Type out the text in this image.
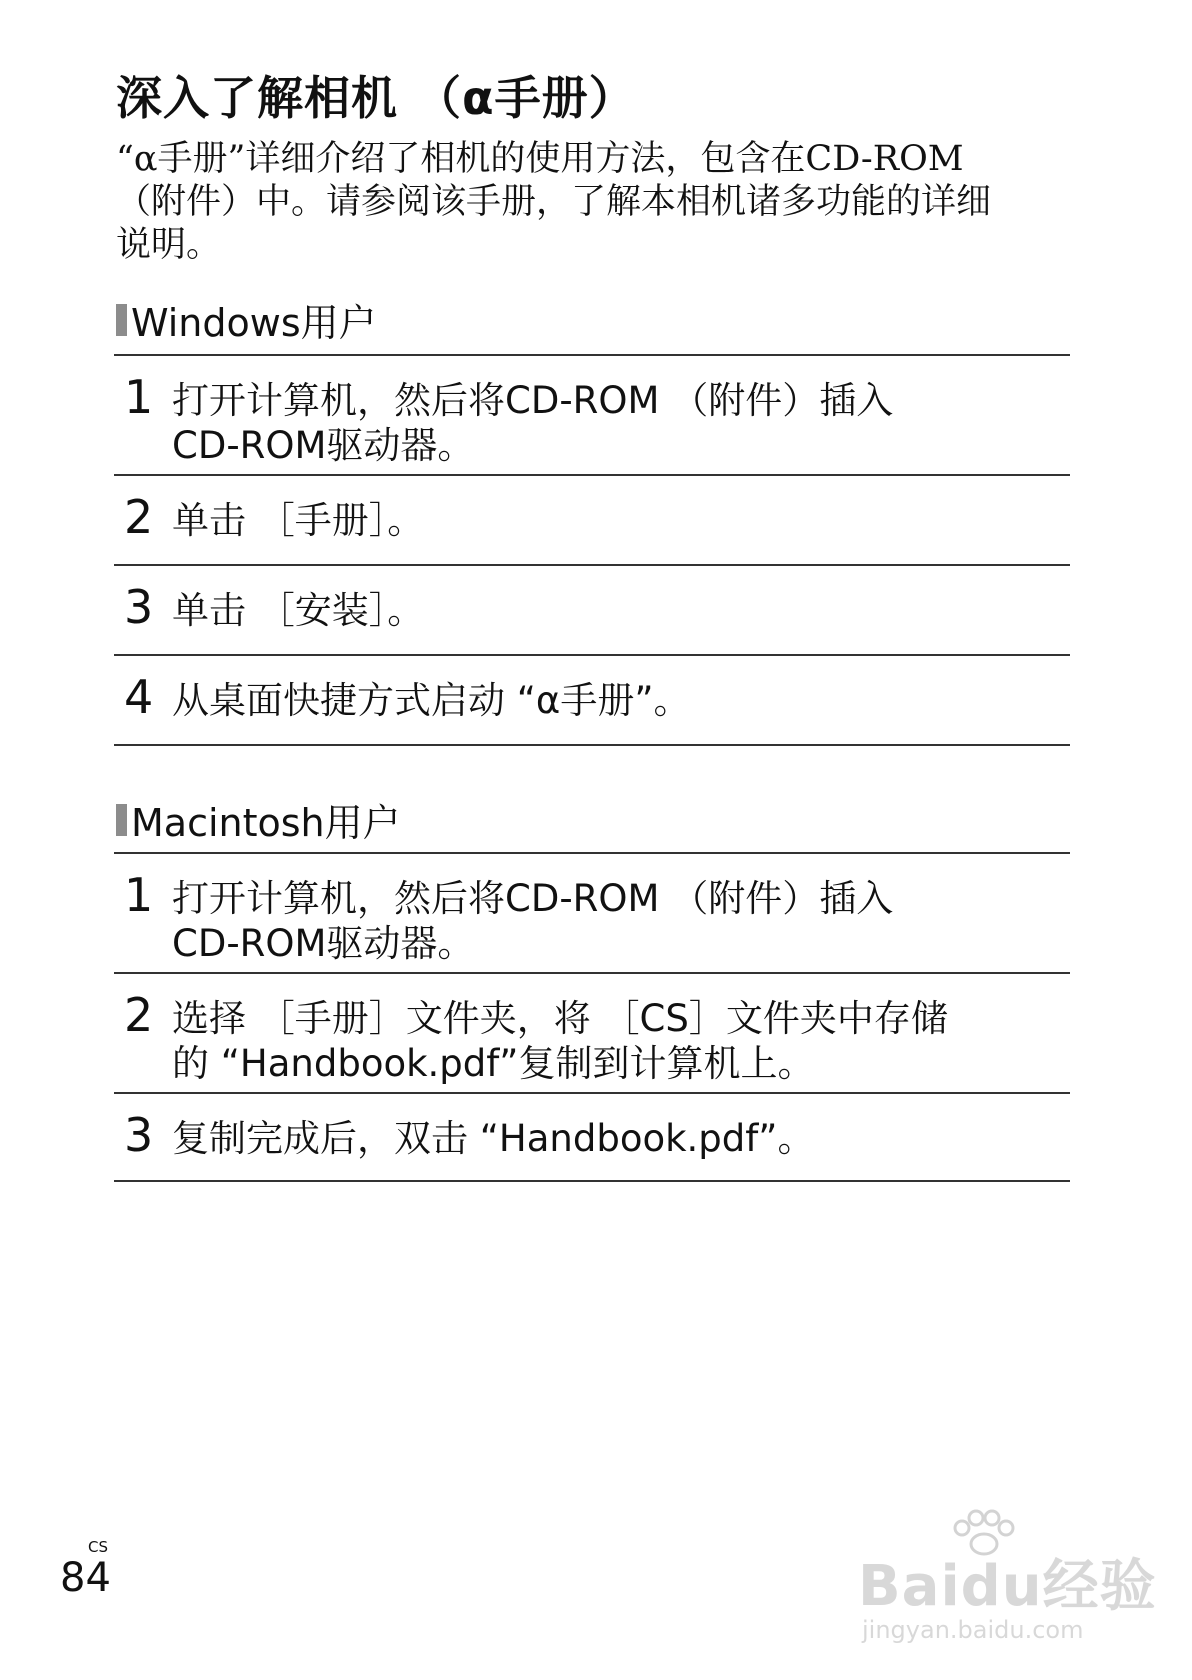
深入了解相机 （α手册）

“α手册”详细介绍了相机的使用方法，包含在CD-ROM

（附件）中。请参阅该手册，了解本相机诸多功能的详细

说明。

Windows用户
1 打开计算机，然后将CD-ROM （附件）插入
CD-ROM驱动器。
2 单击 ［手册］。
3 单击 ［安装］。
4 从桌面快捷方式启动 “α手册”。
Macintosh用户
1 打开计算机，然后将CD-ROM （附件）插入
CD-ROM驱动器。
2 选择 ［手册］文件夹，将 ［CS］文件夹中存储
的 “Handbook.pdf”复制到计算机上。
3 复制完成后，双击 “Handbook.pdf”。
CS
84	Baidu经验
jingyan.baidu.com
